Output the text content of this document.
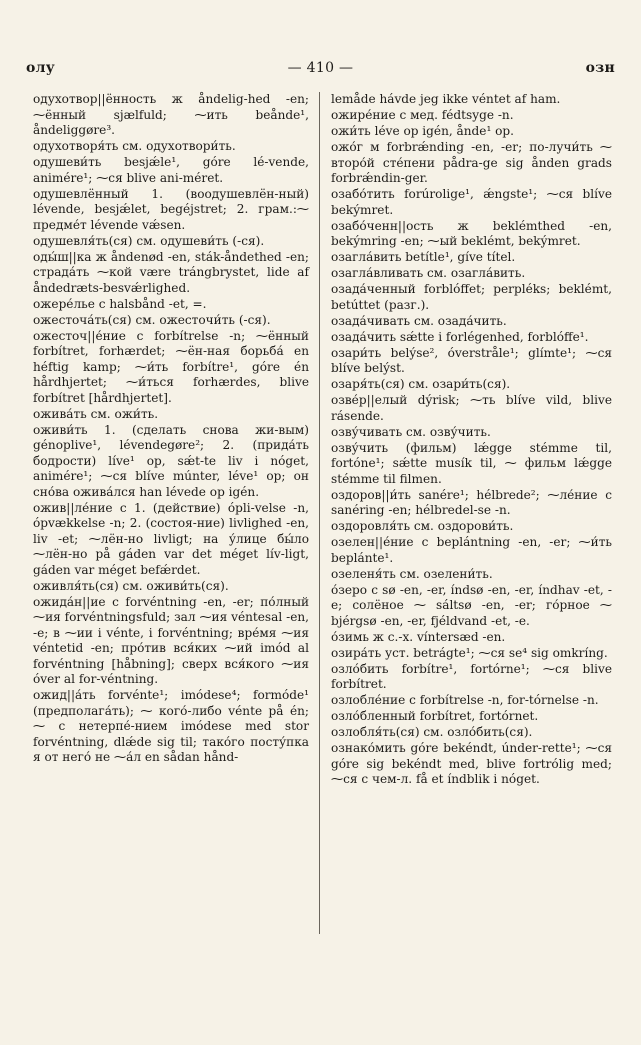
олу	— 410 —	озн
одухотвор||ённость ж åndelig-hed -en; ⁓ённый sjælfuld; ⁓ить beånde¹, åndeliggøre³.
одухотворя́ть см. одухотвори́ть.
одушеви́ть besjǽle¹, góre lé-vende, animére¹; ⁓ся blive ani-méret.
одушевлённый 1. (воодушевлён-ный) lévende, besjǽlet, begéjstret; 2. грам.:⁓ предме́т lévende vǽsen.
одушевля́ть(ся) см. одушеви́ть (-ся).
оды́ш||ка ж åndenød -en, sták-åndethed -en; страда́ть ⁓кой være trángbrystet, lide af åndedræts-besvǽrlighed.
ожере́лье с halsbånd -et, =.
ожесточа́ть(ся) см. ожесточи́ть (-ся).
ожесточ||е́ние с forbítrelse -n; ⁓ённый forbítret, forhærdet; ⁓ён-ная борьба́ en héftig kamp; ⁓и́ть forbítre¹, góre én hårdhjertet; ⁓и́ться forhærdes, blive forbítret [hårdhjertet].
ожива́ть см. ожи́ть.
оживи́ть 1. (сделать снова жи-вым) génoplive¹, lévendegøre²; 2. (прида́ть бодрости) líve¹ op, sǽt-te liv i nóget, animére¹; ⁓ся blíve múnter, léve¹ op; он сно́ва ожива́лся han lévede op igén.
ожив||ле́ние с 1. (действие) ópli-velse -n, ópvækkelse -n; 2. (состоя-ние) livlighed -en, liv -et; ⁓лён-но livligt; на у́лице бы́ло ⁓лён-но på gáden var det méget lív-ligt, gáden var méget befǽrdet.
оживля́ть(ся) см. оживи́ть(ся).
ожида́н||ие с forvéntning -en, -er; по́лный ⁓ия forvéntningsfuld; зал ⁓ия véntesal -en, -e; в ⁓ии i vénte, i forvéntning; вре́мя ⁓ия véntetid -en; про́тив вся́ких ⁓ий imód al forvéntning [håbning]; сверх вся́кого ⁓ия óver al for-véntning.
ожид||а́ть forvénte¹; imódese⁴; formóde¹ (предполага́ть); ⁓ кого́-либо vénte på én; ⁓ с нетерпе́-нием imódese med stor forvéntning, dlǽde sig til; тако́го посту́пка я от него́ не ⁓а́л en sådan hånd-
lemåde hávde jeg ikke véntet af ham.
ожире́ние с мед. fédtsyge -n.
ожи́ть léve op igén, ånde¹ op.
ожо́г м forbrǽnding -en, -er; по-лучи́ть ⁓ второ́й сте́пени pådra-ge sig ånden grads forbrǽndin-ger.
озабо́тить forúrolige¹, ǽngste¹; ⁓ся blíve bekýmret.
озабо́ченн||ость ж beklémthed -en, bekýmring -en; ⁓ый beklémt, bekýmret.
озагла́вить betítle¹, gíve títel.
озагла́вливать см. озагла́вить.
озада́ченный forblóffet; perpléks; beklémt, betúttet (разг.).
озада́чивать см. озада́чить.
озада́чить sǽtte i forlégenhed, forblóffe¹.
озари́ть belýse², óverstråle¹; glímte¹; ⁓ся blíve belýst.
озаря́ть(ся) см. озари́ть(ся).
озве́р||елый dýrisk; ⁓ть blíve vild, blive rásende.
озву́чивать см. озву́чить.
озву́чить (фильм) lǽgge stémme til, fortóne¹; sǽtte musík til, ⁓ фильм lǽgge stémme til filmen.
оздоров||и́ть sanére¹; hélbrede²; ⁓ле́ние с sanéring -en; hélbredel-se -n.
оздоровля́ть см. оздорови́ть.
озелен||е́ние с beplántning -en, -er; ⁓и́ть beplánte¹.
озеленя́ть см. озелени́ть.
о́зеро с sø -en, -er, índsø -en, -er, índhav -et, -e; солёное ⁓ sáltsø -en, -er; го́рное ⁓ bjérgsø -en, -er, fjéldvand -et, -e.
о́зимь ж с.-х. víntersæd -en.
озира́ть уст. betrágte¹; ⁓ся se⁴ sig omkríng.
озло́бить forbítre¹, fortórne¹; ⁓ся blive forbítret.
озлобле́ние с forbítrelse -n, for-tórnelse -n.
озло́бленный forbítret, fortórnet.
озлобля́ть(ся) см. озло́бить(ся).
ознако́мить góre bekéndt, únder-rette¹; ⁓ся góre sig bekéndt med, blive fortrólig med; ⁓ся с чем-л. få et índblik i nóget.
